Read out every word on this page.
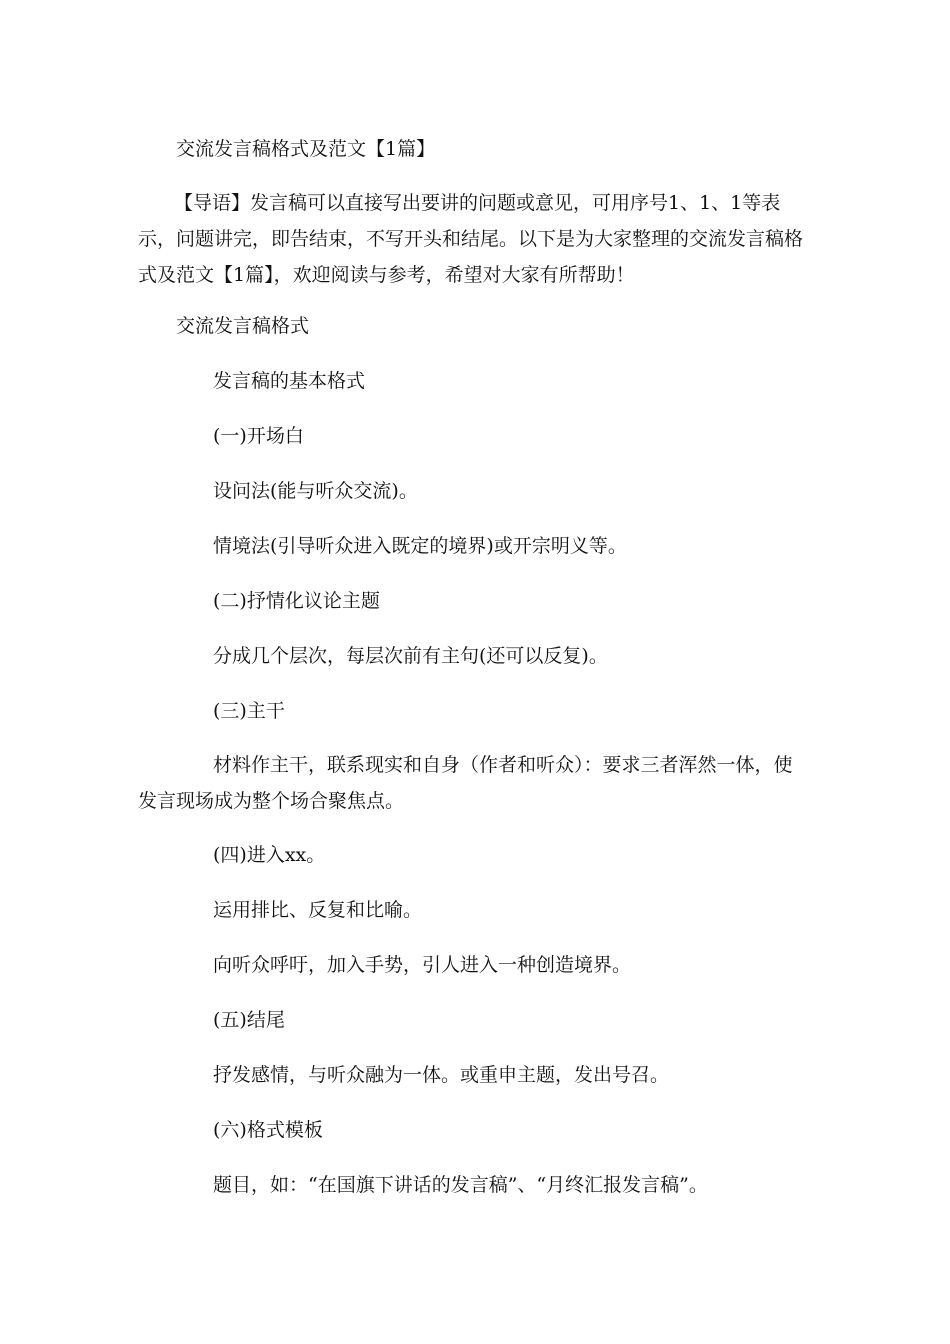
交流发言稿格式及范文【1篇】
【导语】发言稿可以直接写出要讲的问题或意见，可用序号1、1、1等表示，问题讲完，即告结束，不写开头和结尾。以下是为大家整理的交流发言稿格式及范文【1篇】，欢迎阅读与参考，希望对大家有所帮助！
交流发言稿格式
发言稿的基本格式
(一)开场白
设问法(能与听众交流)。
情境法(引导听众进入既定的境界)或开宗明义等。
(二)抒情化议论主题
分成几个层次，每层次前有主句(还可以反复)。
(三)主干
材料作主干，联系现实和自身（作者和听众）：要求三者浑然一体，使发言现场成为整个场合聚焦点。
(四)进入xx。
运用排比、反复和比喻。
向听众呼吁，加入手势，引人进入一种创造境界。
(五)结尾
抒发感情，与听众融为一体。或重申主题，发出号召。
(六)格式模板
题目，如：“在国旗下讲话的发言稿”、“月终汇报发言稿”。
